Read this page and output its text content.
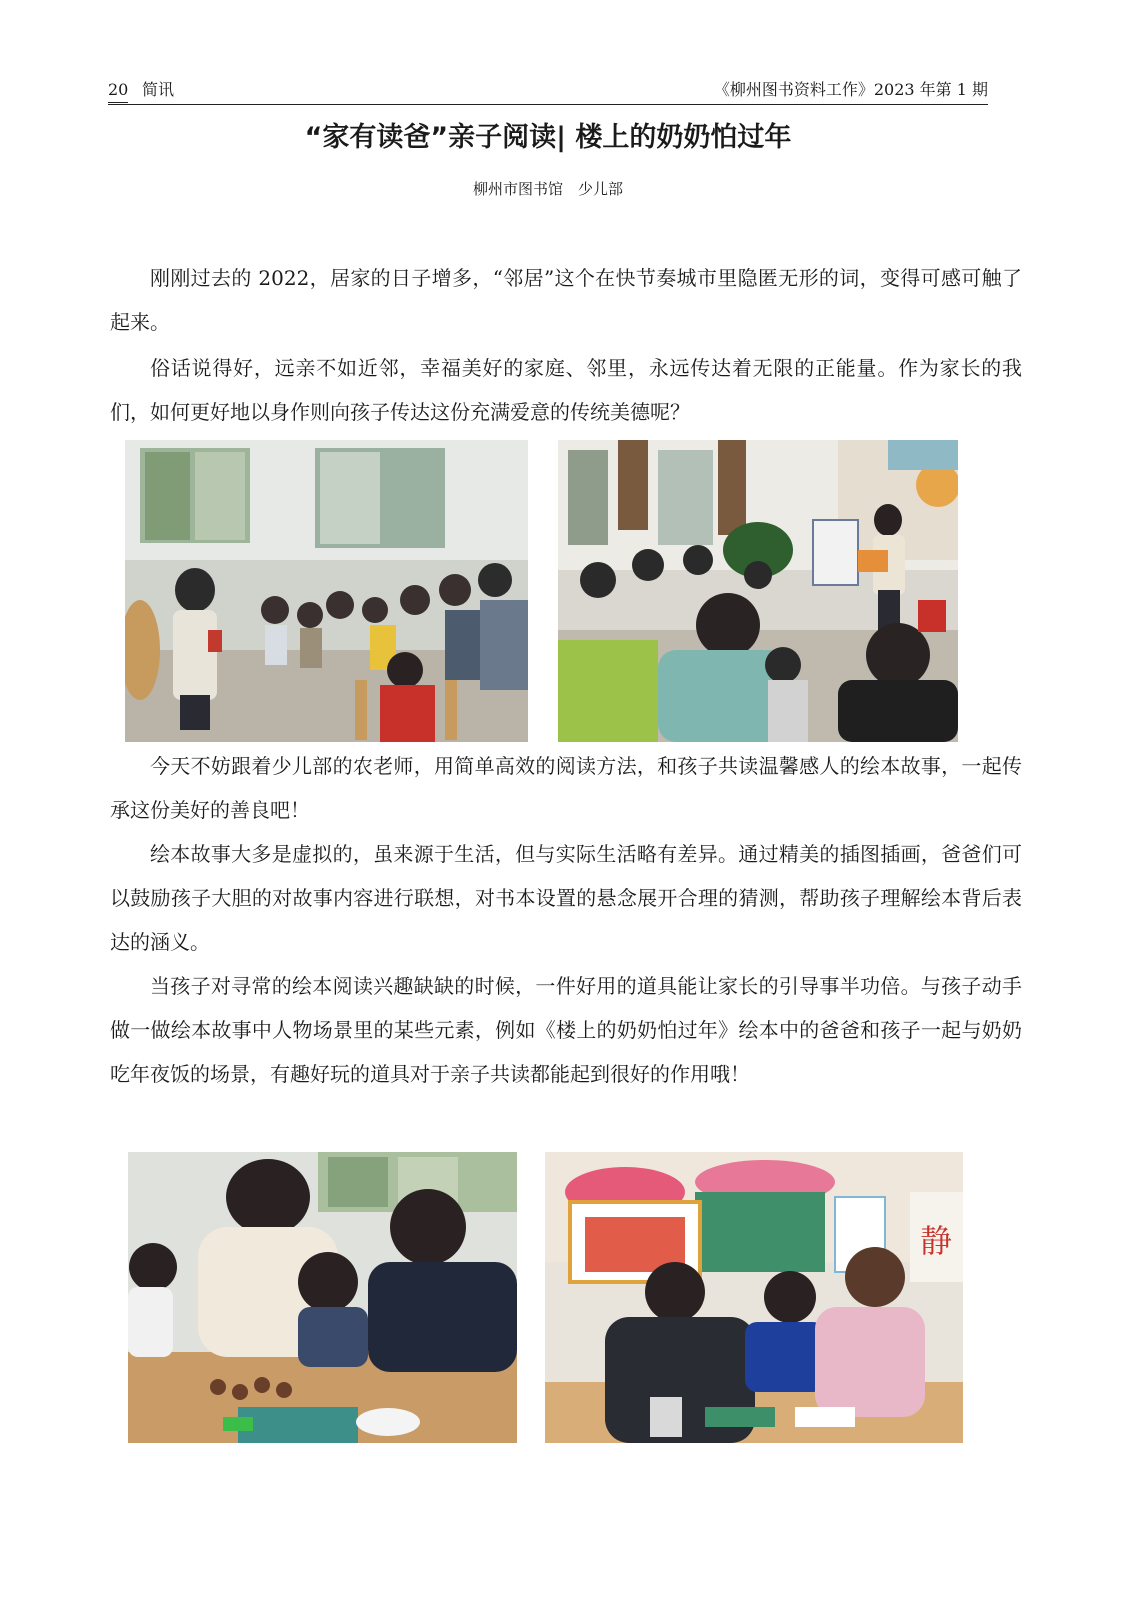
20 简讯	《柳州图书资料工作》2023 年第 1 期
“家有读爸”亲子阅读| 楼上的奶奶怕过年
柳州市图书馆　少儿部

刚刚过去的 2022，居家的日子增多，“邻居”这个在快节奏城市里隐匿无形的词，变得可感可触了起来。

俗话说得好，远亲不如近邻，幸福美好的家庭、邻里，永远传达着无限的正能量。作为家长的我们，如何更好地以身作则向孩子传达这份充满爱意的传统美德呢？

今天不妨跟着少儿部的农老师，用简单高效的阅读方法，和孩子共读温馨感人的绘本故事，一起传承这份美好的善良吧！

绘本故事大多是虚拟的，虽来源于生活，但与实际生活略有差异。通过精美的插图插画，爸爸们可以鼓励孩子大胆的对故事内容进行联想，对书本设置的悬念展开合理的猜测，帮助孩子理解绘本背后表达的涵义。

当孩子对寻常的绘本阅读兴趣缺缺的时候，一件好用的道具能让家长的引导事半功倍。与孩子动手做一做绘本故事中人物场景里的某些元素，例如《楼上的奶奶怕过年》绘本中的爸爸和孩子一起与奶奶吃年夜饭的场景，有趣好玩的道具对于亲子共读都能起到很好的作用哦！

静
